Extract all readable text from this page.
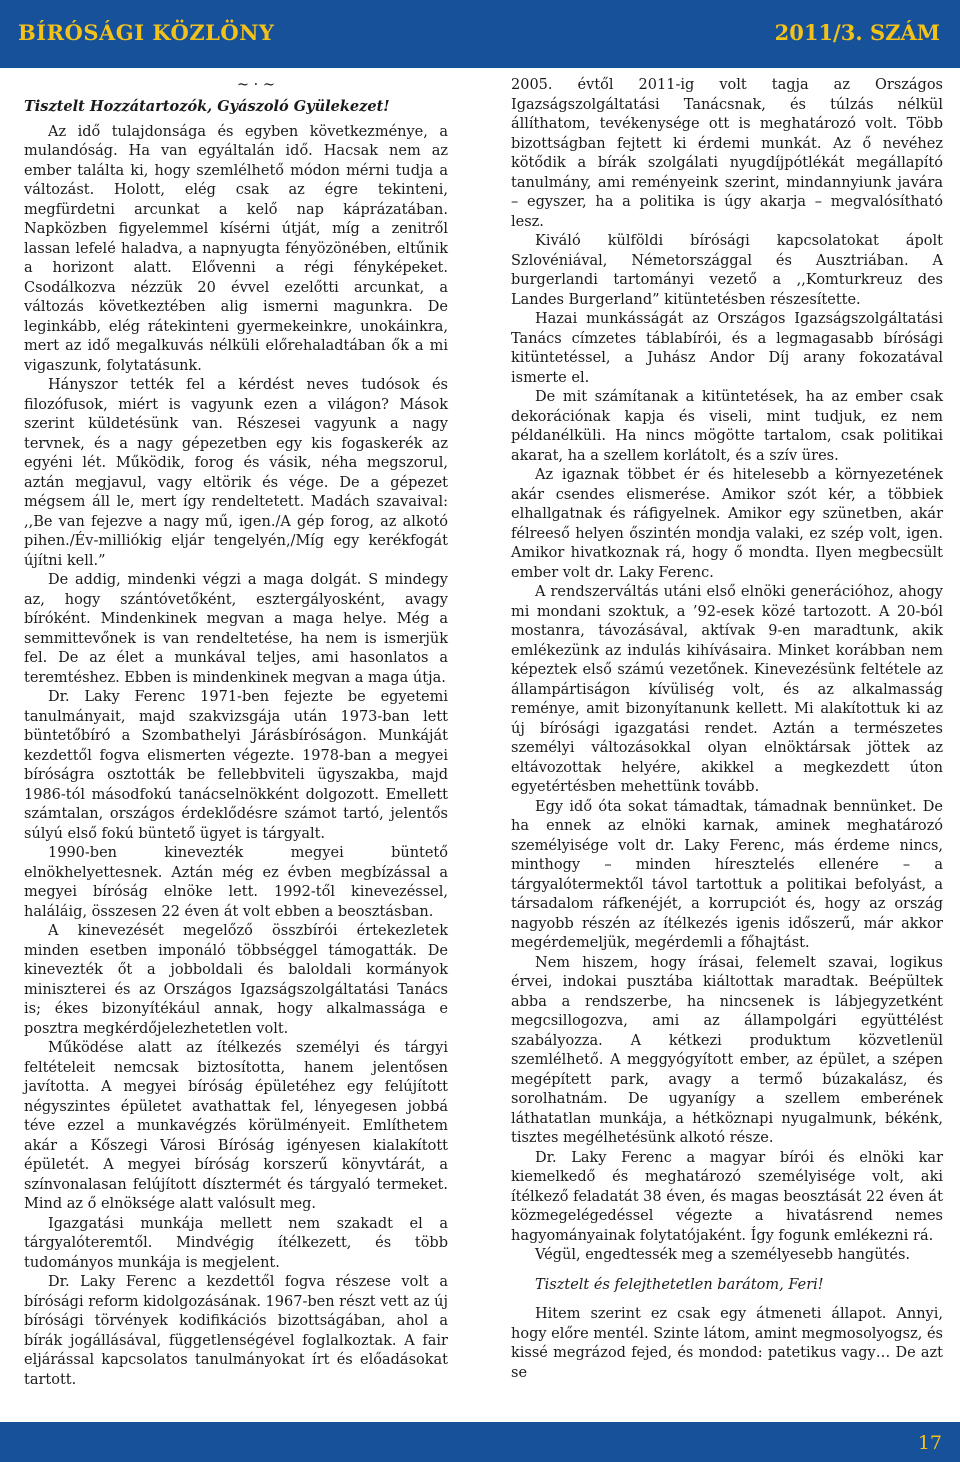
BÍRÓSÁGI KÖZLÖNY	2011/3. SZÁM

~ · ~

Tisztelt Hozzátartozók, Gyászoló Gyülekezet!

Az idő tulajdonsága és egyben következménye, a mulandóság. Ha van egyáltalán idő. Hacsak nem az ember találta ki, hogy szemlélhető módon mérni tudja a változást. Holott, elég csak az égre tekinteni, megfürdetni arcunkat a kelő nap káprázatában. Napközben figyelemmel kísérni útját, míg a zenitről lassan lefelé haladva, a napnyugta fényözönében, eltűnik a horizont alatt. Elővenni a régi fényképeket. Csodálkozva nézzük 20 évvel ezelőtti arcunkat, a változás következtében alig ismerni magunkra. De leginkább, elég rátekinteni gyermekeinkre, unokáinkra, mert az idő megalkuvás nélküli előrehaladtában ők a mi vigaszunk, folytatásunk.

Hányszor tették fel a kérdést neves tudósok és filozófusok, miért is vagyunk ezen a világon? Mások szerint küldetésünk van. Részesei vagyunk a nagy tervnek, és a nagy gépezetben egy kis fogaskerék az egyéni lét. Működik, forog és vásik, néha megszorul, aztán megjavul, vagy eltörik és vége. De a gépezet mégsem áll le, mert így rendeltetett. Madách szavaival: ,,Be van fejezve a nagy mű, igen./A gép forog, az alkotó pihen./Év-milliókig eljár tengelyén,/Míg egy kerékfogát újítni kell.”

De addig, mindenki végzi a maga dolgát. S mindegy az, hogy szántóvetőként, esztergályosként, avagy bíróként. Mindenkinek megvan a maga helye. Még a semmittevőnek is van rendeltetése, ha nem is ismerjük fel. De az élet a munkával teljes, ami hasonlatos a teremtéshez. Ebben is mindenkinek megvan a maga útja.

Dr. Laky Ferenc 1971-ben fejezte be egyetemi tanulmányait, majd szakvizsgája után 1973-ban lett büntetőbíró a Szombathelyi Járásbíróságon. Munkáját kezdettől fogva elismerten végezte. 1978-ban a megyei bíróságra osztották be fellebbviteli ügyszakba, majd 1986-tól másodfokú tanácselnökként dolgozott. Emellett számtalan, országos érdeklődésre számot tartó, jelentős súlyú első fokú büntető ügyet is tárgyalt.

1990-ben kinevezték megyei büntető elnökhelyettesnek. Aztán még ez évben megbízással a megyei bíróság elnöke lett. 1992-től kinevezéssel, haláláig, összesen 22 éven át volt ebben a beosztásban.

A kinevezését megelőző összbírói értekezletek minden esetben imponáló többséggel támogatták. De kinevezték őt a jobboldali és baloldali kormányok miniszterei és az Országos Igazságszolgáltatási Tanács is; ékes bizonyítékául annak, hogy alkalmassága e posztra megkérdőjelezhetetlen volt.

Működése alatt az ítélkezés személyi és tárgyi feltételeit nemcsak biztosította, hanem jelentősen javította. A megyei bíróság épületéhez egy felújított négyszintes épületet avathattak fel, lényegesen jobbá téve ezzel a munkavégzés körülményeit. Említhetem akár a Kőszegi Városi Bíróság igényesen kialakított épületét. A megyei bíróság korszerű könyvtárát, a színvonalasan felújított dísztermét és tárgyaló termeket. Mind az ő elnöksége alatt valósult meg.

Igazgatási munkája mellett nem szakadt el a tárgyalóteremtől. Mindvégig ítélkezett, és több tudományos munkája is megjelent.

Dr. Laky Ferenc a kezdettől fogva részese volt a bírósági reform kidolgozásának. 1967-ben részt vett az új bírósági törvények kodifikációs bizottságában, ahol a bírák jogállásával, függetlenségével foglalkoztak. A fair eljárással kapcsolatos tanulmányokat írt és előadásokat tartott.

2005. évtől 2011-ig volt tagja az Országos Igazságszolgáltatási Tanácsnak, és túlzás nélkül állíthatom, tevékenysége ott is meghatározó volt. Több bizottságban fejtett ki érdemi munkát. Az ő nevéhez kötődik a bírák szolgálati nyugdíjpótlékát megállapító tanulmány, ami reményeink szerint, mindannyiunk javára – egyszer, ha a politika is úgy akarja – megvalósítható lesz.

Kiváló külföldi bírósági kapcsolatokat ápolt Szlovéniával, Németországgal és Ausztriában. A burgerlandi tartományi vezető a ,,Komturkreuz des Landes Burgerland” kitüntetésben részesítette.

Hazai munkásságát az Országos Igazságszolgáltatási Tanács címzetes táblabírói, és a legmagasabb bírósági kitüntetéssel, a Juhász Andor Díj arany fokozatával ismerte el.

De mit számítanak a kitüntetések, ha az ember csak dekorációnak kapja és viseli, mint tudjuk, ez nem példanélküli. Ha nincs mögötte tartalom, csak politikai akarat, ha a szellem korlátolt, és a szív üres.

Az igaznak többet ér és hitelesebb a környezetének akár csendes elismerése. Amikor szót kér, a többiek elhallgatnak és ráfigyelnek. Amikor egy szünetben, akár félreeső helyen őszintén mondja valaki, ez szép volt, igen. Amikor hivatkoznak rá, hogy ő mondta. Ilyen megbecsült ember volt dr. Laky Ferenc.

A rendszerváltás utáni első elnöki generációhoz, ahogy mi mondani szoktuk, a ’92-esek közé tartozott. A 20-ból mostanra, távozásával, aktívak 9-en maradtunk, akik emlékezünk az indulás kihívásaira. Minket korábban nem képeztek első számú vezetőnek. Kinevezésünk feltétele az állampártiságon kívüliség volt, és az alkalmasság reménye, amit bizonyítanunk kellett. Mi alakítottuk ki az új bírósági igazgatási rendet. Aztán a természetes személyi változásokkal olyan elnöktársak jöttek az eltávozottak helyére, akikkel a megkezdett úton egyetértésben mehettünk tovább.

Egy idő óta sokat támadtak, támadnak bennünket. De ha ennek az elnöki karnak, aminek meghatározó személyisége volt dr. Laky Ferenc, más érdeme nincs, minthogy – minden híresztelés ellenére – a tárgyalótermektől távol tartottuk a politikai befolyást, a társadalom ráfkenéjét, a korrupciót és, hogy az ország nagyobb részén az ítélkezés igenis időszerű, már akkor megérdemeljük, megérdemli a főhajtást.

Nem hiszem, hogy írásai, felemelt szavai, logikus érvei, indokai pusztába kiáltottak maradtak. Beépültek abba a rendszerbe, ha nincsenek is lábjegyzetként megcsillogozva, ami az állampolgári együttélést szabályozza. A kétkezi produktum közvetlenül szemlélhető. A meggyógyított ember, az épület, a szépen megépített park, avagy a termő búzakalász, és sorolhatnám. De ugyanígy a szellem emberének láthatatlan munkája, a hétköznapi nyugalmunk, békénk, tisztes megélhetésünk alkotó része.

Dr. Laky Ferenc a magyar bírói és elnöki kar kiemelkedő és meghatározó személyisége volt, aki ítélkező feladatát 38 éven, és magas beosztását 22 éven át közmegelégedéssel végezte a hivatásrend nemes hagyományainak folytatójaként. Így fogunk emlékezni rá.

Végül, engedtessék meg a személyesebb hangütés.

Tisztelt és felejthetetlen barátom, Feri!

Hitem szerint ez csak egy átmeneti állapot. Annyi, hogy előre mentél. Szinte látom, amint megmosolyogsz, és kissé megrázod fejed, és mondod: patetikus vagy… De azt se

17
